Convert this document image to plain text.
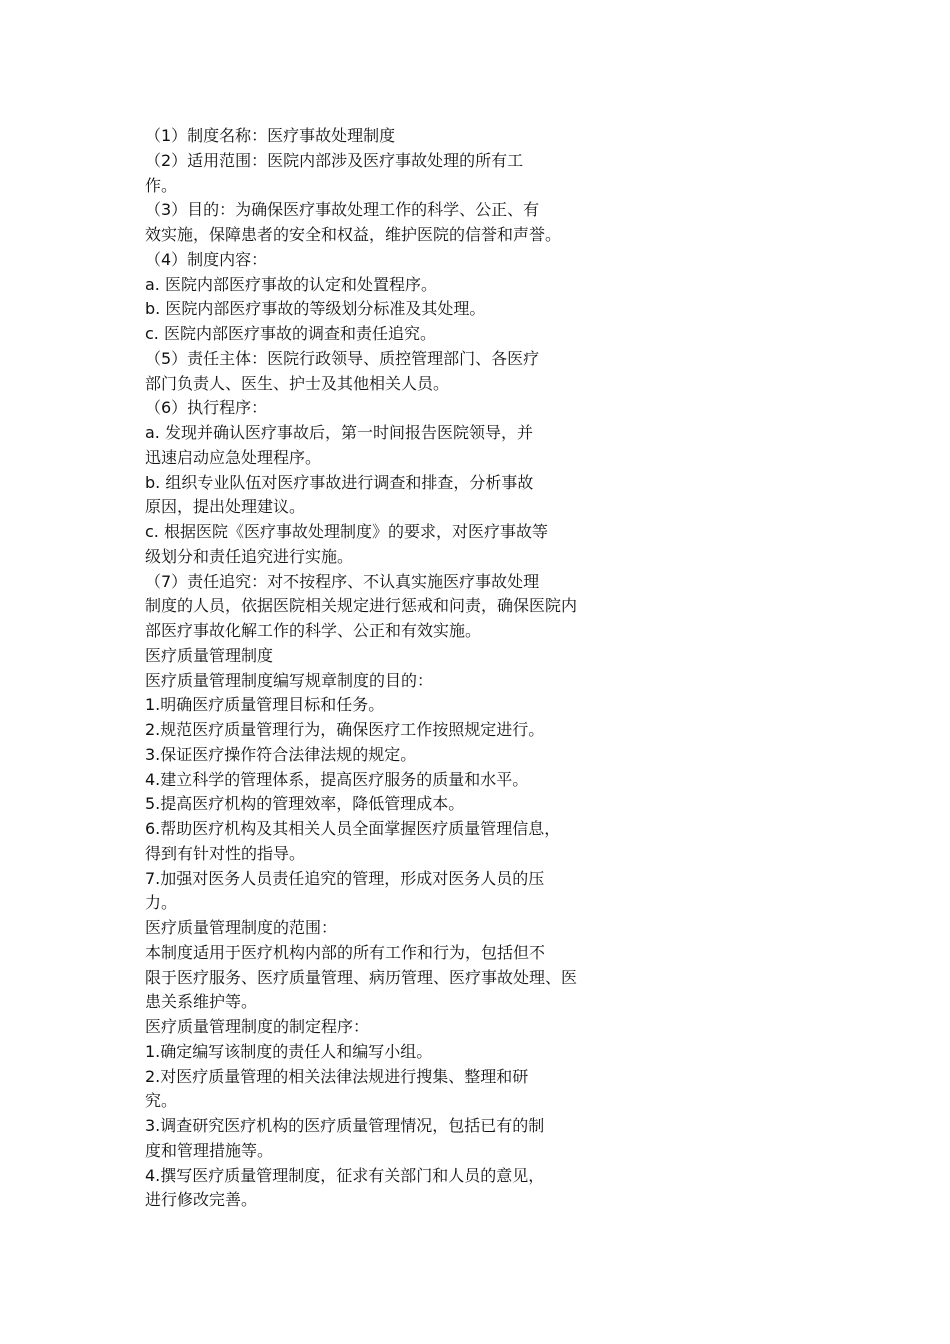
（1）制度名称：医疗事故处理制度
（2）适用范围：医院内部涉及医疗事故处理的所有工
作。
（3）目的：为确保医疗事故处理工作的科学、公正、有
效实施，保障患者的安全和权益，维护医院的信誉和声誉。
（4）制度内容：
a. 医院内部医疗事故的认定和处置程序。
b. 医院内部医疗事故的等级划分标准及其处理。
c. 医院内部医疗事故的调查和责任追究。
（5）责任主体：医院行政领导、质控管理部门、各医疗
部门负责人、医生、护士及其他相关人员。
（6）执行程序：
a. 发现并确认医疗事故后，第一时间报告医院领导，并
迅速启动应急处理程序。
b. 组织专业队伍对医疗事故进行调查和排查，分析事故
原因，提出处理建议。
c. 根据医院《医疗事故处理制度》的要求，对医疗事故等
级划分和责任追究进行实施。
（7）责任追究：对不按程序、不认真实施医疗事故处理
制度的人员，依据医院相关规定进行惩戒和问责，确保医院内
部医疗事故化解工作的科学、公正和有效实施。
医疗质量管理制度
医疗质量管理制度编写规章制度的目的：
1.明确医疗质量管理目标和任务。
2.规范医疗质量管理行为，确保医疗工作按照规定进行。
3.保证医疗操作符合法律法规的规定。
4.建立科学的管理体系，提高医疗服务的质量和水平。
5.提高医疗机构的管理效率，降低管理成本。
6.帮助医疗机构及其相关人员全面掌握医疗质量管理信息，
得到有针对性的指导。
7.加强对医务人员责任追究的管理，形成对医务人员的压
力。
医疗质量管理制度的范围：
本制度适用于医疗机构内部的所有工作和行为，包括但不
限于医疗服务、医疗质量管理、病历管理、医疗事故处理、医
患关系维护等。
医疗质量管理制度的制定程序：
1.确定编写该制度的责任人和编写小组。
2.对医疗质量管理的相关法律法规进行搜集、整理和研
究。
3.调查研究医疗机构的医疗质量管理情况，包括已有的制
度和管理措施等。
4.撰写医疗质量管理制度，征求有关部门和人员的意见，
进行修改完善。
